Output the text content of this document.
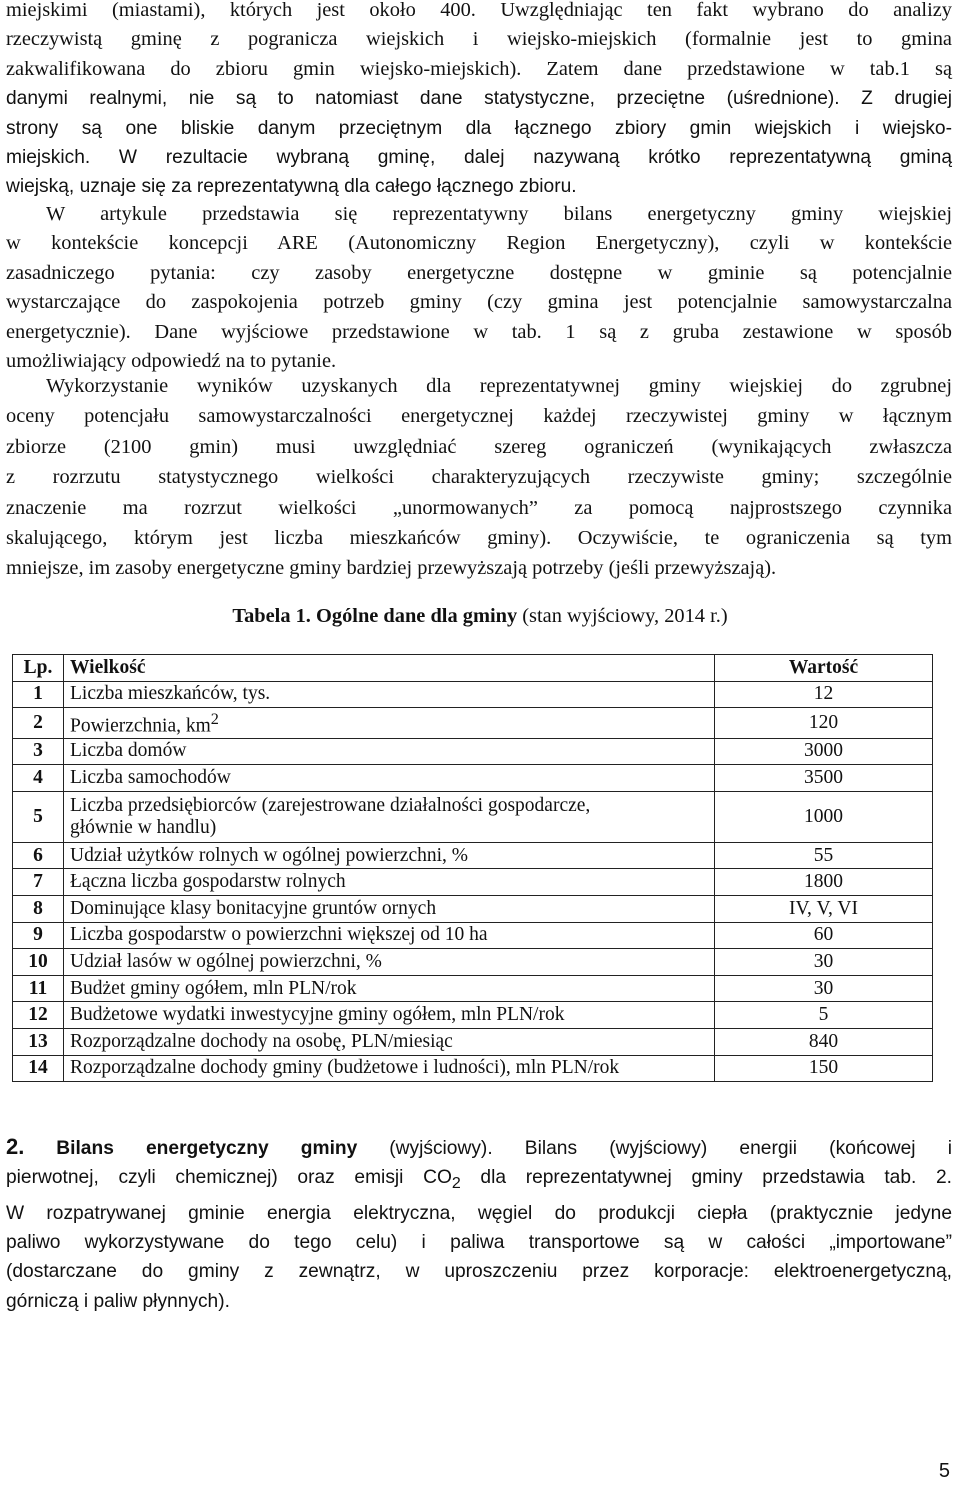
miejskimi (miastami), których jest około 400. Uwzględniając ten fakt wybrano do analizy
rzeczywistą gminę z pogranicza wiejskich i wiejsko-miejskich (formalnie jest to gmina
zakwalifikowana do zbioru gmin wiejsko-miejskich). Zatem dane przedstawione w tab.1 są
danymi realnymi, nie są to natomiast dane statystyczne, przeciętne (uśrednione). Z drugiej
strony są one bliskie danym przeciętnym dla łącznego zbiory gmin wiejskich i wiejsko-
miejskich. W rezultacie wybraną gminę, dalej nazywaną krótko reprezentatywną gminą
wiejską, uznaje się za reprezentatywną dla całego łącznego zbioru.
W artykule przedstawia się reprezentatywny bilans energetyczny gminy wiejskiej
w kontekście koncepcji ARE (Autonomiczny Region Energetyczny), czyli w kontekście
zasadniczego pytania: czy zasoby energetyczne dostępne w gminie są potencjalnie
wystarczające do zaspokojenia potrzeb gminy (czy gmina jest potencjalnie samowystarczalna
energetycznie). Dane wyjściowe przedstawione w tab. 1 są z gruba zestawione w sposób
umożliwiający odpowiedź na to pytanie.
Wykorzystanie wyników uzyskanych dla reprezentatywnej gminy wiejskiej do zgrubnej
oceny potencjału samowystarczalności energetycznej każdej rzeczywistej gminy w łącznym
zbiorze (2100 gmin) musi uwzględniać szereg ograniczeń (wynikających zwłaszcza
z rozrzutu statystycznego wielkości charakteryzujących rzeczywiste gminy; szczególnie
znaczenie ma rozrzut wielkości „unormowanych” za pomocą najprostszego czynnika
skalującego, którym jest liczba mieszkańców gminy). Oczywiście, te ograniczenia są tym
mniejsze, im zasoby energetyczne gminy bardziej przewyższają potrzeby (jeśli przewyższają).
Tabela 1. Ogólne dane dla gminy (stan wyjściowy, 2014 r.)
Lp.	Wielkość	Wartość
1	Liczba mieszkańców, tys.	12
2	Powierzchnia, $km^2$	120
3	Liczba domów	3000
4	Liczba samochodów	3500
5	Liczba przedsiębiorców (zarejestrowane działalności gospodarcze,
głównie w handlu)	1000
6	Udział użytków rolnych w ogólnej powierzchni, %	55
7	Łączna liczba gospodarstw rolnych	1800
8	Dominujące klasy bonitacyjne gruntów ornych	IV, V, VI
9	Liczba gospodarstw o powierzchni większej od 10 ha	60
10	Udział lasów w ogólnej powierzchni, %	30
11	Budżet gminy ogółem, mln PLN/rok	30
12	Budżetowe wydatki inwestycyjne gminy ogółem, mln PLN/rok	5
13	Rozporządzalne dochody na osobę, PLN/miesiąc	840
14	Rozporządzalne dochody gminy (budżetowe i ludności), mln PLN/rok	150
2. Bilans energetyczny gminy (wyjściowy). Bilans (wyjściowy) energii (końcowej i
pierwotnej, czyli chemicznej) oraz emisji $CO_2$ dla reprezentatywnej gminy przedstawia tab. 2.
W rozpatrywanej gminie energia elektryczna, węgiel do produkcji ciepła (praktycznie jedyne
paliwo wykorzystywane do tego celu) i paliwa transportowe są w całości „importowane”
(dostarczane do gminy z zewnątrz, w uproszczeniu przez korporacje: elektroenergetyczną,
górniczą i paliw płynnych).
5
